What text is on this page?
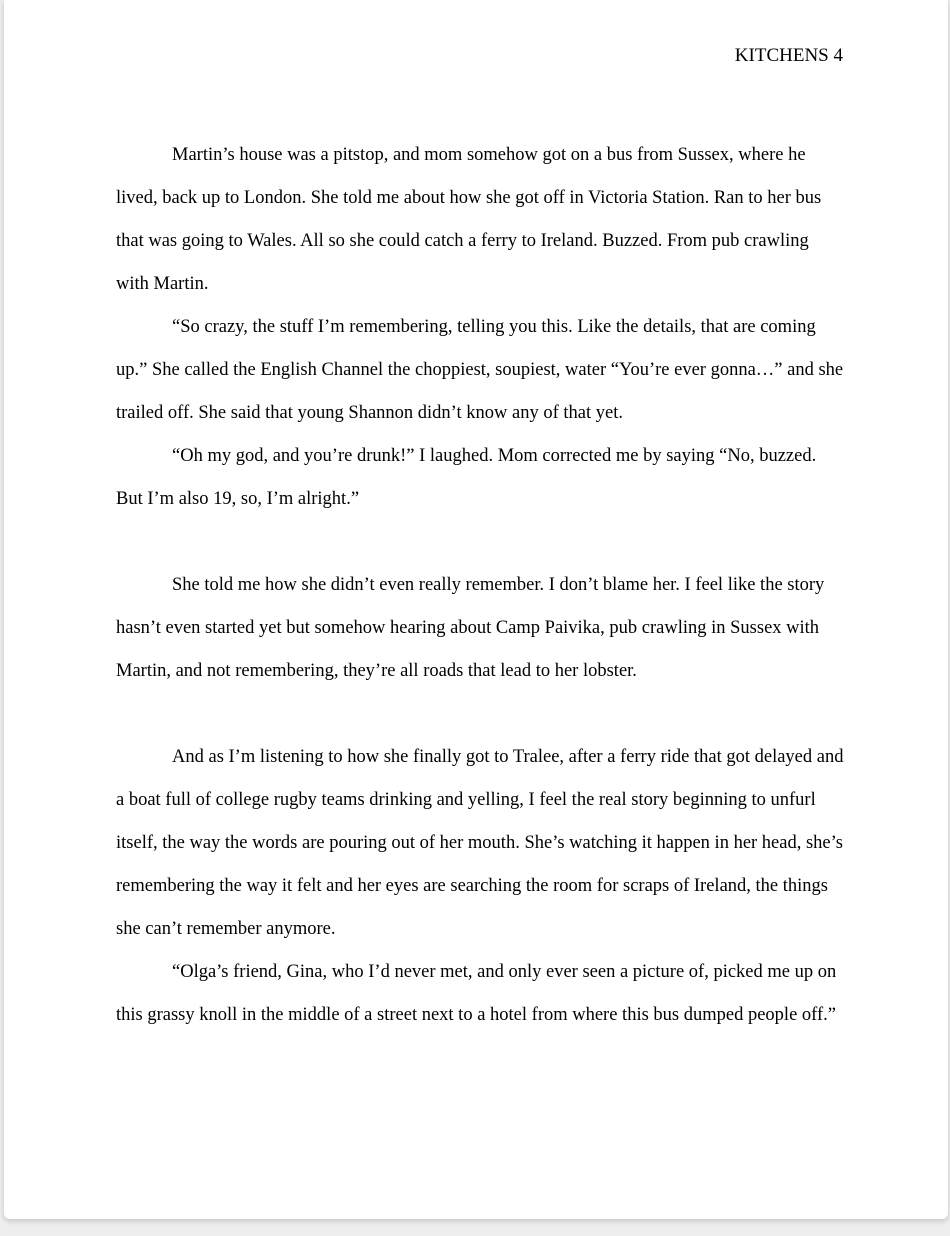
KITCHENS 4

Martin’s house was a pitstop, and mom somehow got on a bus from Sussex, where he lived, back up to London. She told me about how she got off in Victoria Station. Ran to her bus that was going to Wales. All so she could catch a ferry to Ireland. Buzzed. From pub crawling with Martin.

“So crazy, the stuff I’m remembering, telling you this. Like the details, that are coming up.” She called the English Channel the choppiest, soupiest, water “You’re ever gonna…” and she trailed off. She said that young Shannon didn’t know any of that yet.

“Oh my god, and you’re drunk!” I laughed. Mom corrected me by saying “No, buzzed. But I’m also 19, so, I’m alright.”

She told me how she didn’t even really remember. I don’t blame her. I feel like the story hasn’t even started yet but somehow hearing about Camp Paivika, pub crawling in Sussex with Martin, and not remembering, they’re all roads that lead to her lobster.

And as I’m listening to how she finally got to Tralee, after a ferry ride that got delayed and a boat full of college rugby teams drinking and yelling, I feel the real story beginning to unfurl itself, the way the words are pouring out of her mouth. She’s watching it happen in her head, she’s remembering the way it felt and her eyes are searching the room for scraps of Ireland, the things she can’t remember anymore.

“Olga’s friend, Gina, who I’d never met, and only ever seen a picture of, picked me up on this grassy knoll in the middle of a street next to a hotel from where this bus dumped people off.”
